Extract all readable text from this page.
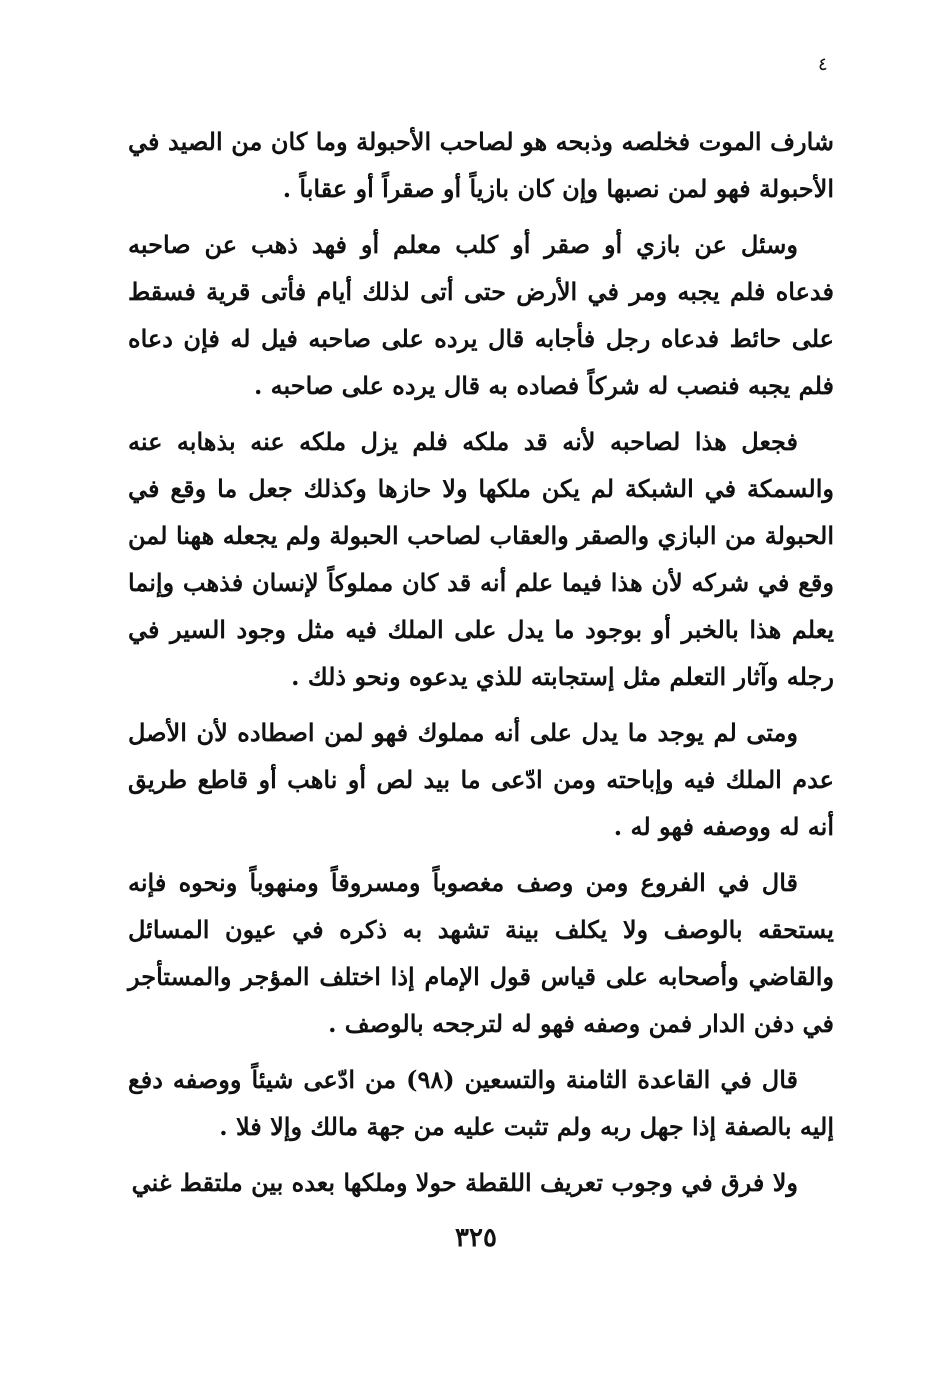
٤

شارف الموت فخلصه وذبحه هو لصاحب الأحبولة وما كان من الصيد في الأحبولة فهو لمن نصبها وإن كان بازياً أو صقراً أو عقاباً .

وسئل عن بازي أو صقر أو كلب معلم أو فهد ذهب عن صاحبه فدعاه فلم يجبه ومر في الأرض حتى أتى لذلك أيام فأتى قرية فسقط على حائط فدعاه رجل فأجابه قال يرده على صاحبه فيل له فإن دعاه فلم يجبه فنصب له شركاً فصاده به قال يرده على صاحبه .

فجعل هذا لصاحبه لأنه قد ملكه فلم يزل ملكه عنه بذهابه عنه والسمكة في الشبكة لم يكن ملكها ولا حازها وكذلك جعل ما وقع في الحبولة من البازي والصقر والعقاب لصاحب الحبولة ولم يجعله ههنا لمن وقع في شركه لأن هذا فيما علم أنه قد كان مملوكاً لإنسان فذهب وإنما يعلم هذا بالخبر أو بوجود ما يدل على الملك فيه مثل وجود السير في رجله وآثار التعلم مثل إستجابته للذي يدعوه ونحو ذلك .

ومتى لم يوجد ما يدل على أنه مملوك فهو لمن اصطاده لأن الأصل عدم الملك فيه وإباحته ومن ادّعى ما بيد لص أو ناهب أو قاطع طريق أنه له ووصفه فهو له .

قال في الفروع ومن وصف مغصوباً ومسروقاً ومنهوباً ونحوه فإنه يستحقه بالوصف ولا يكلف بينة تشهد به ذكره في عيون المسائل والقاضي وأصحابه على قياس قول الإمام إذا اختلف المؤجر والمستأجر في دفن الدار فمن وصفه فهو له لترجحه بالوصف .

قال في القاعدة الثامنة والتسعين (٩٨) من ادّعى شيئاً ووصفه دفع إليه بالصفة إذا جهل ربه ولم تثبت عليه من جهة مالك وإلا فلا .

ولا فرق في وجوب تعريف اللقطة حولا وملكها بعده بين ملتقط غني

٣٢٥
